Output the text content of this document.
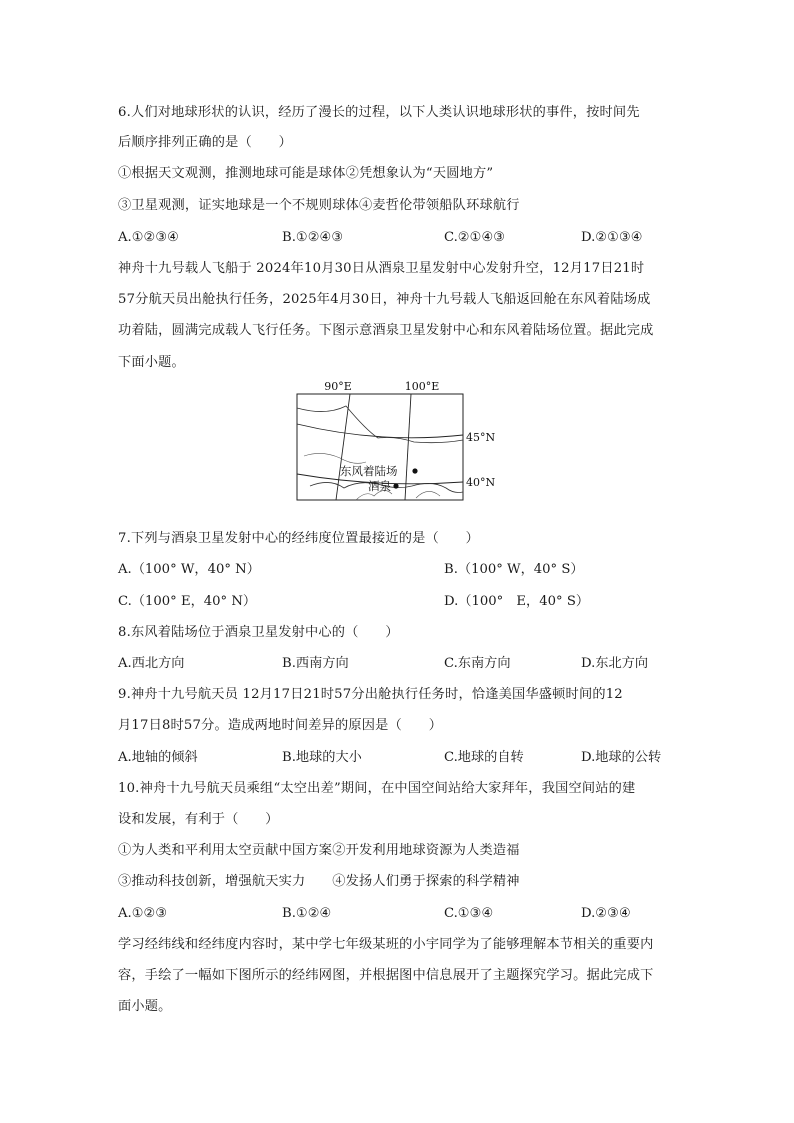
6.人们对地球形状的认识，经历了漫长的过程，以下人类认识地球形状的事件，按时间先
后顺序排列正确的是（　　）
①根据天文观测，推测地球可能是球体②凭想象认为“天圆地方”
③卫星观测，证实地球是一个不规则球体④麦哲伦带领船队环球航行
A.①②③④	B.①②④③	C.②①④③	D.②①③④
神舟十九号载人飞船于 2024年10月30日从酒泉卫星发射中心发射升空，12月17日21时
57分航天员出舱执行任务，2025年4月30日，神舟十九号载人飞船返回舱在东风着陆场成
功着陆，圆满完成载人飞行任务。下图示意酒泉卫星发射中心和东风着陆场位置。据此完成
下面小题。
90°E	100°E
45°N
40°N
东风着陆场
酒泉
7.下列与酒泉卫星发射中心的经纬度位置最接近的是（　　）
A.（100° W，40° N）	B.（100° W，40° S）
C.（100° E，40° N）	D.（100°　E，40° S）
8.东风着陆场位于酒泉卫星发射中心的（　　）
A.西北方向	B.西南方向	C.东南方向	D.东北方向
9.神舟十九号航天员 12月17日21时57分出舱执行任务时，恰逢美国华盛顿时间的12
月17日8时57分。造成两地时间差异的原因是（　　）
A.地轴的倾斜	B.地球的大小	C.地球的自转	D.地球的公转
10.神舟十九号航天员乘组“太空出差”期间，在中国空间站给大家拜年，我国空间站的建
设和发展，有利于（　　）
①为人类和平利用太空贡献中国方案②开发利用地球资源为人类造福
③推动科技创新，增强航天实力　　④发扬人们勇于探索的科学精神
A.①②③	B.①②④	C.①③④	D.②③④
学习经纬线和经纬度内容时，某中学七年级某班的小宇同学为了能够理解本节相关的重要内
容，手绘了一幅如下图所示的经纬网图，并根据图中信息展开了主题探究学习。据此完成下
面小题。
